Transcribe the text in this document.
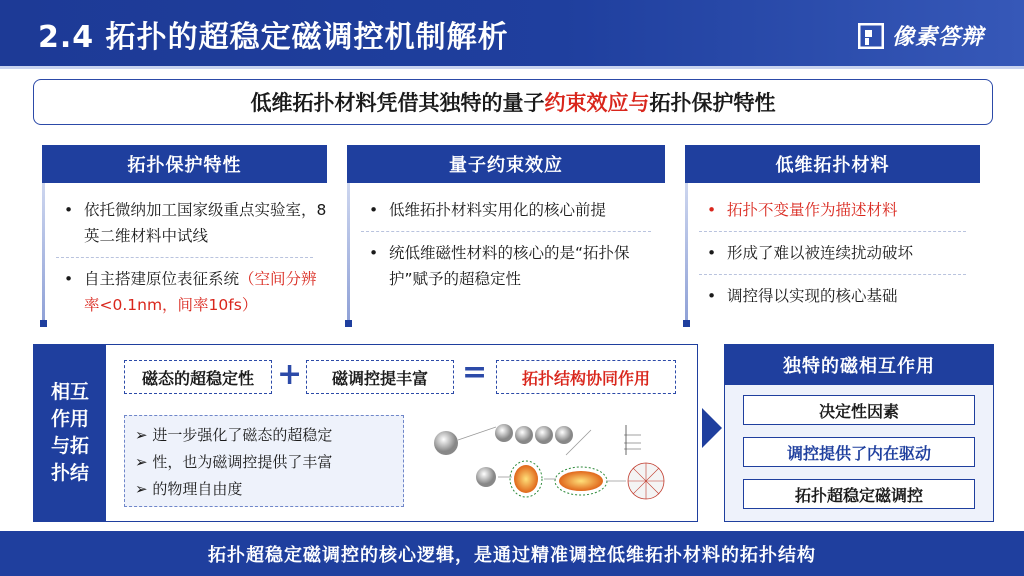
2.4 拓扑的超稳定磁调控机制解析	像素答辩
低维拓扑材料凭借其独特的量子 约束效应与 拓扑保护特性
拓扑保护特性
• 依托微纳加工国家级重点实验室，8英二维材料中试线
• 自主搭建原位表征系统（空间分辨率<0.1nm，间率10fs）
量子约束效应
• 低维拓扑材料实用化的核心前提
• 统低维磁性材料的核心的是“拓扑保护”赋予的超稳定性
低维拓扑材料
• 拓扑不变量作为描述材料
• 形成了难以被连续扰动破坏
• 调控得以实现的核心基础
相互作用与拓扑结
磁态的超稳定性 +	磁调控提丰富	=	拓扑结构协同作用
➢ 进一步强化了磁态的超稳定
➢ 性，也为磁调控提供了丰富
➢ 的物理自由度
独特的磁相互作用
决定性因素
调控提供了内在驱动
拓扑超稳定磁调控
拓扑超稳定磁调控的核心逻辑，是通过精准调控低维拓扑材料的拓扑结构
